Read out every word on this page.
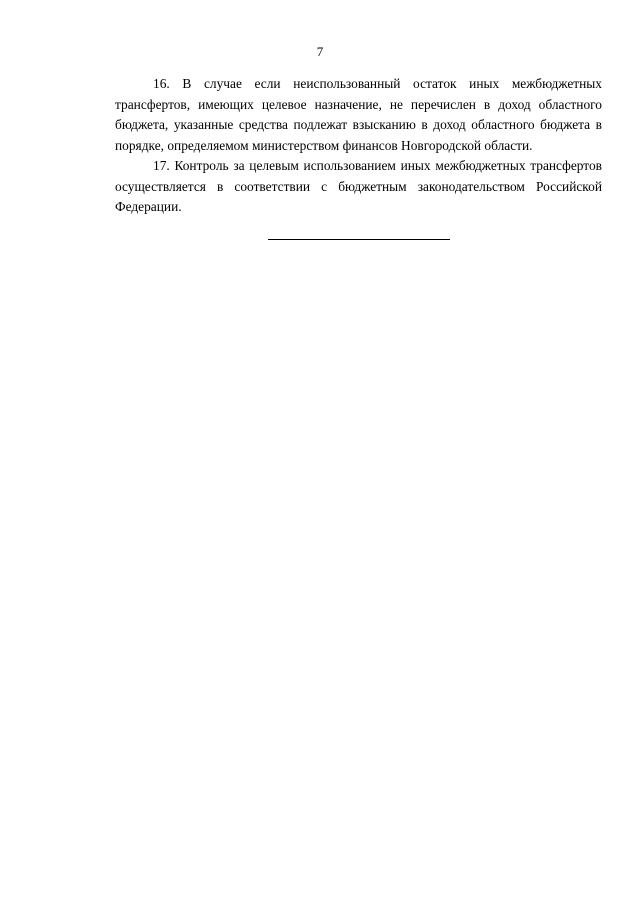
7

16. В случае если неиспользованный остаток иных межбюджетных трансфертов, имеющих целевое назначение, не перечислен в доход областного бюджета, указанные средства подлежат взысканию в доход областного бюджета в порядке, определяемом министерством финансов Новгородской области.

17. Контроль за целевым использованием иных межбюджетных трансфертов осуществляется в соответствии с бюджетным законодательством Российской Федерации.
